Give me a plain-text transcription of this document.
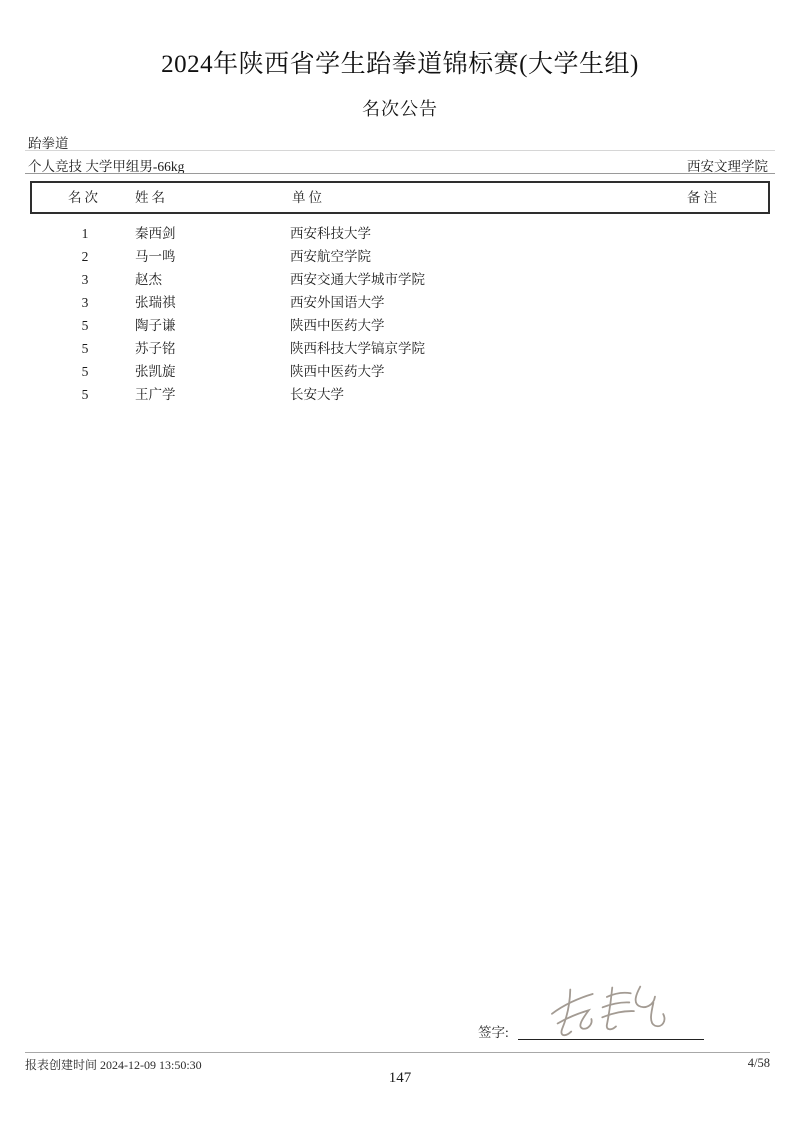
2024年陕西省学生跆拳道锦标赛(大学生组)
名次公告
跆拳道
个人竞技 大学甲组男-66kg	西安文理学院
名次	姓名	单位	备注
1	秦西剑	西安科技大学
2	马一鸣	西安航空学院
3	赵杰	西安交通大学城市学院
3	张瑞祺	西安外国语大学
5	陶子谦	陕西中医药大学
5	苏子铭	陕西科技大学镐京学院
5	张凯旋	陕西中医药大学
5	王广学	长安大学
签字:
报表创建时间 2024-12-09 13:50:30	4/58
147
